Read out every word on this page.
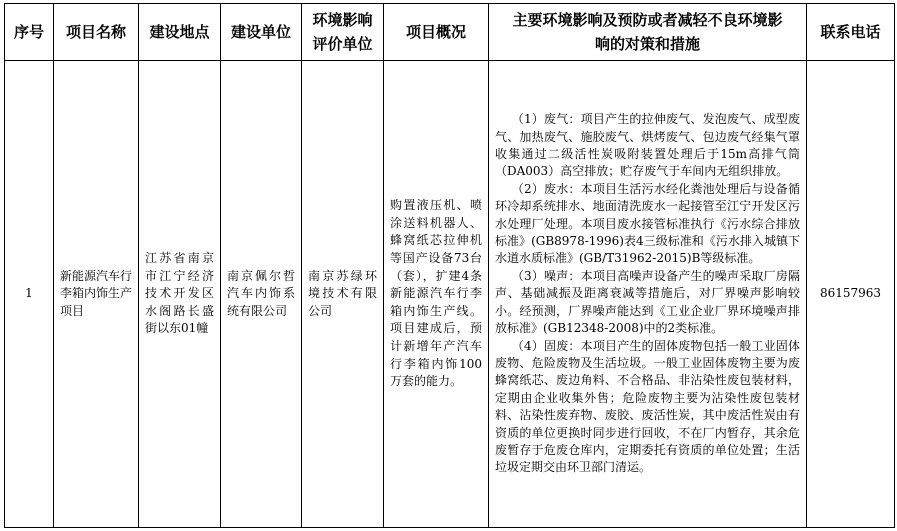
序号	项目名称	建设地点	建设单位	环境影响评价单位	项目概况	主要环境影响及预防或者减轻不良环境影响的对策和措施	联系电话
1	新能源汽车行李箱内饰生产项目	江苏省南京市江宁经济技术开发区水阁路长盛街以东01幢	南京佩尔哲汽车内饰系统有限公司	南京苏绿环境技术有限公司	购置液压机、喷涂送料机器人、蜂窝纸芯拉伸机等国产设备73台（套），扩建4条新能源汽车行李箱内饰生产线。项目建成后，预计新增年产汽车行李箱内饰100万套的能力。	（1）废气：项目产生的拉伸废气、发泡废气、成型废气、加热废气、施胶废气、烘烤废气、包边废气经集气罩收集通过二级活性炭吸附装置处理后于15m高排气筒（DA003）高空排放；贮存废气于车间内无组织排放。
（2）废水：本项目生活污水经化粪池处理后与设备循环冷却系统排水、地面清洗废水一起接管至江宁开发区污水处理厂处理。本项目废水接管标准执行《污水综合排放标准》(GB8978-1996)表4三级标准和《污水排入城镇下水道水质标准》(GB/T31962-2015)B等级标准。
（3）噪声：本项目高噪声设备产生的噪声采取厂房隔声、基础减振及距离衰减等措施后，对厂界噪声影响较小。经预测，厂界噪声能达到《工业企业厂界环境噪声排放标准》(GB12348-2008)中的2类标准。
（4）固废：本项目产生的固体废物包括一般工业固体废物、危险废物及生活垃圾。一般工业固体废物主要为废蜂窝纸芯、废边角料、不合格品、非沾染性废包装材料，定期由企业收集外售；危险废物主要为沾染性废包装材料、沾染性废弃物、废胶、废活性炭，其中废活性炭由有资质的单位更换时同步进行回收，不在厂内暂存，其余危废暂存于危废仓库内，定期委托有资质的单位处置；生活垃圾定期交由环卫部门清运。	86157963
